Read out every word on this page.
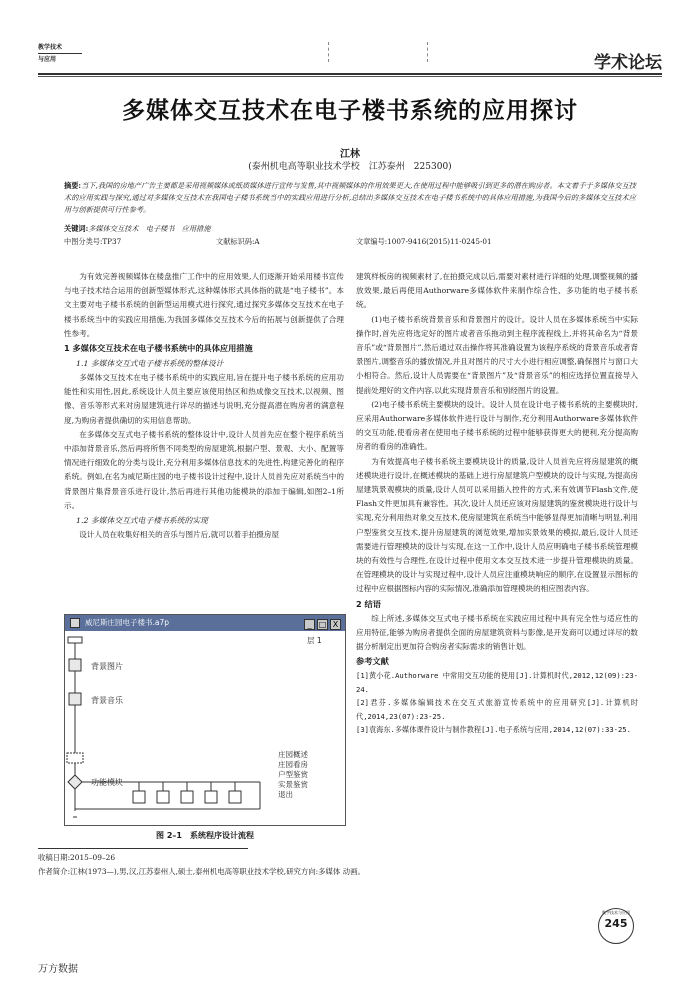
教学技术
与应用	学术论坛
多媒体交互技术在电子楼书系统的应用探讨
江林
(泰州机电高等职业技术学校　江苏泰州　225300)
摘要:当下,我国的房地产广告主要都是采用视频媒体或纸质媒体进行宣传与发售,其中视频媒体的作用效果更大,在使用过程中能够吸引到更多的潜在购房者。本文着手于多媒体交互技术的应用实践与探究,通过对多媒体交互技术在我国电子楼书系统当中的实践应用进行分析,总结出多媒体交互技术在电子楼书系统中的具体应用措施,为我国今后的多媒体交互技术应用与创新提供可行性参考。
关键词:多媒体交互技术　电子楼书　应用措施
中图分类号:TP37	文献标识码:A	文章编号:1007-9416(2015)11-0245-01

为有效完善视频媒体在楼盘推广工作中的应用效果,人们逐渐开始采用楼书宣传与电子技术结合运用的创新型媒体形式,这种媒体形式具体指的就是“电子楼书”。本文主要对电子楼书系统的创新型运用模式进行探究,通过探究多媒体交互技术在电子楼书系统当中的实践应用措施,为我国多媒体交互技术今后的拓展与创新提供了合理性参考。

1 多媒体交互技术在电子楼书系统中的具体应用措施
1.1 多媒体交互式电子楼书系统的整体设计

多媒体交互技术在电子楼书系统中的实践应用,旨在提升电子楼书系统的应用功能性和实用性,因此,系统设计人员主要应该使用热区和热成像交互技术,以视频、图像、音乐等形式来对房屋建筑进行详尽的描述与说明,充分提高潜在购房者的满意程度,为购房者提供确切的实用信息帮助。

在多媒体交互式电子楼书系统的整体设计中,设计人员首先应在整个程序系统当中添加背景音乐,然后再将所售不同类型的房屋建筑,根据户型、景观、大小、配置等情况进行细致化的分类与设计,充分利用多媒体信息技术的先进性,构建完善化的程序系统。例如,在名为威尼斯庄园的电子楼书设计过程中,设计人员首先应对系统当中的背景图片集背景音乐进行设计,然后再进行其他功能模块的添加于编辑,如图2–1所示。

1.2 多媒体交互式电子楼书系统的实现

设计人员在收集好相关的音乐与图片后,就可以着手拍摄房屋

威尼斯庄园电子楼书.a7p	_ □ X
层 1
背景图片
背景音乐
功能模块
庄园概述
庄园看房
户型鉴赏
实景鉴赏
退出
图 2–1　系统程序设计流程

建筑样板房的视频素材了,在拍摄完成以后,需要对素材进行详细的处理,调整视频的播放效果,最后再使用Authorware多媒体软件来制作综合性、多功能的电子楼书系统。

(1)电子楼书系统背景音乐和背景图片的设计。设计人员在多媒体系统当中实际操作时,首先应将选定好的图片或者音乐拖动到主程序流程线上,并将其命名为“背景音乐”或“背景图片”,然后通过双击操作将其准确设置为该程序系统的背景音乐或者背景图片,调整音乐的播放情况,并且对图片的尺寸大小进行相应调整,确保图片与窗口大小相符合。然后,设计人员需要在“背景图片”及“背景音乐”的相应选择位置直接导入提前处理好的文件内容,以此实现背景音乐和别经图片的设置。

(2)电子楼书系统主要模块的设计。设计人员在设计电子楼书系统的主要模块时,应采用Authorware多媒体软件进行设计与制作,充分利用Authorware多媒体软件的交互功能,使看房者在使用电子楼书系统的过程中能够获得更大的便利,充分提高购房者的看房的准确性。

为有效提高电子楼书系统主要模块设计的质量,设计人员首先应将房屋建筑的概述模块进行设计,在概述模块的基础上进行房屋建筑户型模块的设计与实现,为提高房屋建筑景观模块的质量,设计人员可以采用插入控件的方式,来有效调节Flash文件,使Flash文件更加具有兼容性。其次,设计人员还应该对房屋建筑的鉴赏模块进行设计与实现,充分利用热对象交互技术,使房屋建筑在系统当中能够显得更加清晰与明显,利用户型鉴赏交互技术,提升房屋建筑的浏览效果,增加实景效果的模拟,最后,设计人员还需要进行管理模块的设计与实现,在这一工作中,设计人员应明确电子楼书系统管理模块的有效性与合理性,在设计过程中使用文本交互技术进一步提升管理模块的质量。在管理模块的设计与实现过程中,设计人员应注重模块响应的顺序,在设置显示图标的过程中应根据图标内容的实际情况,准确添加管理模块的相应图表内容。

2 结语

综上所述,多媒体交互式电子楼书系统在实践应用过程中具有完全性与适应性的应用特征,能够为购房者提供全面的房屋建筑资料与影像,是开发商可以通过详尽的数据分析制定出更加符合购房者实际需求的销售计划。

参考文献
[1]黄小花.Authorware 中常用交互功能的使用[J].计算机时代,2012,12(09):23-24.
[2]君芬.多媒体编辑技术在交互式旅游宣传系统中的应用研究[J].计算机时代,2014,23(07):23-25.
[3]袁海东.多媒体课件设计与制作教程[J].电子系统与应用,2014,12(07):33-25.
收稿日期:2015–09–26
作者简介:江林(1973—),男,汉,江苏泰州人,硕士,泰州机电高等职业技术学校,研究方向:多媒体 动画。
数字技术与应用
245
万方数据
